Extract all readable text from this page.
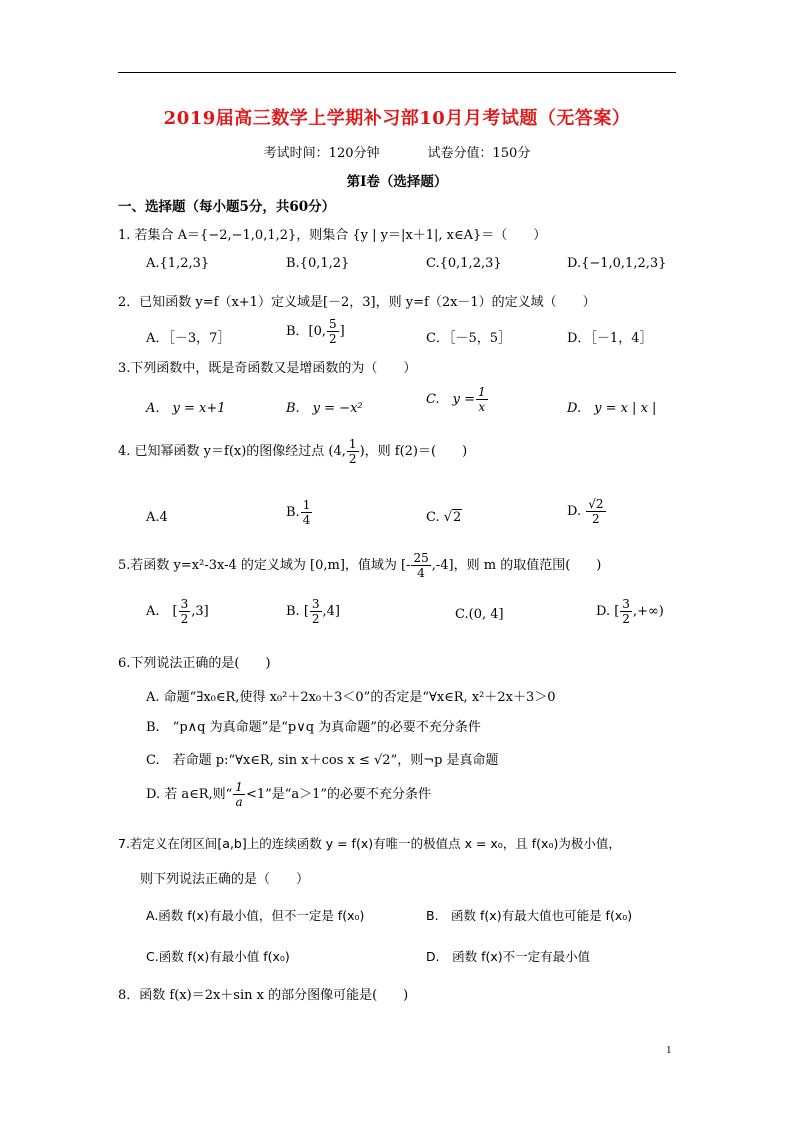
2019届高三数学上学期补习部10月月考试题（无答案）
考试时间：120分钟	试卷分值：150分
第Ⅰ卷（选择题）
一、选择题（每小题5分，共60分）
1. 若集合 A＝{−2,−1,0,1,2}，则集合 {y | y＝|x＋1|, x∈A}＝（　　）
A.{1,2,3}	B.{0,1,2}	C.{0,1,2,3}	D.{−1,0,1,2,3}
2．已知函数 y=f（x+1）定义域是[－2，3]，则 y=f（2x－1）的定义域（　　）
A．［－3，7］	B．[0, $\frac{5}{2}$ ]	C．［－5，5］	D．［－1，4］
3.下列函数中，既是奇函数又是增函数的为（　　）
A.　y = x+1	B.　y = −x²
C.　$y = \frac{1}{x}$	D.　y = x | x |
4. 已知幂函数 y＝f(x)的图像经过点 (4, $\frac{1}{2}$ )，则 f(2)＝(　　)
A.4	B. $\frac{1}{4}$	C. √2	D. $\frac{√2}{2}$
5.若函数 y=x²-3x-4 的定义域为 [0,m]，值域为 [- $\frac{25}{4} ,-4$]，则 m 的取值范围(　　)
A.　[ $\frac{3}{2} ,3$]	B. [ $\frac{3}{2} ,4$]	C.(0, 4]	D. [ $\frac{3}{2}$ ,+∞)
6.下列说法正确的是(　　)
A. 命题“∃x₀∈R,使得 x₀²＋2x₀＋3＜0”的否定是“∀x∈R, x²＋2x＋3＞0
B.　“p∧q 为真命题”是“p∨q 为真命题”的必要不充分条件
C.　若命题 p:“∀x∈R, sin x＋cos x ≤ √2”，则¬p 是真命题
D. 若 a∈R,则“ $\frac{1}{a} <1$”是“a＞1”的必要不充分条件
7.若定义在闭区间[a,b]上的连续函数 y = f(x)有唯一的极值点 x = x₀，且 f(x₀)为极小值，
则下列说法正确的是（　　）
A.函数 f(x)有最小值，但不一定是 f(x₀)	B.　函数 f(x)有最大值也可能是 f(x₀)
C.函数 f(x)有最小值 f(x₀)	D.　函数 f(x)不一定有最小值
8．函数 f(x)＝2x＋sin x 的部分图像可能是(　　)
1
